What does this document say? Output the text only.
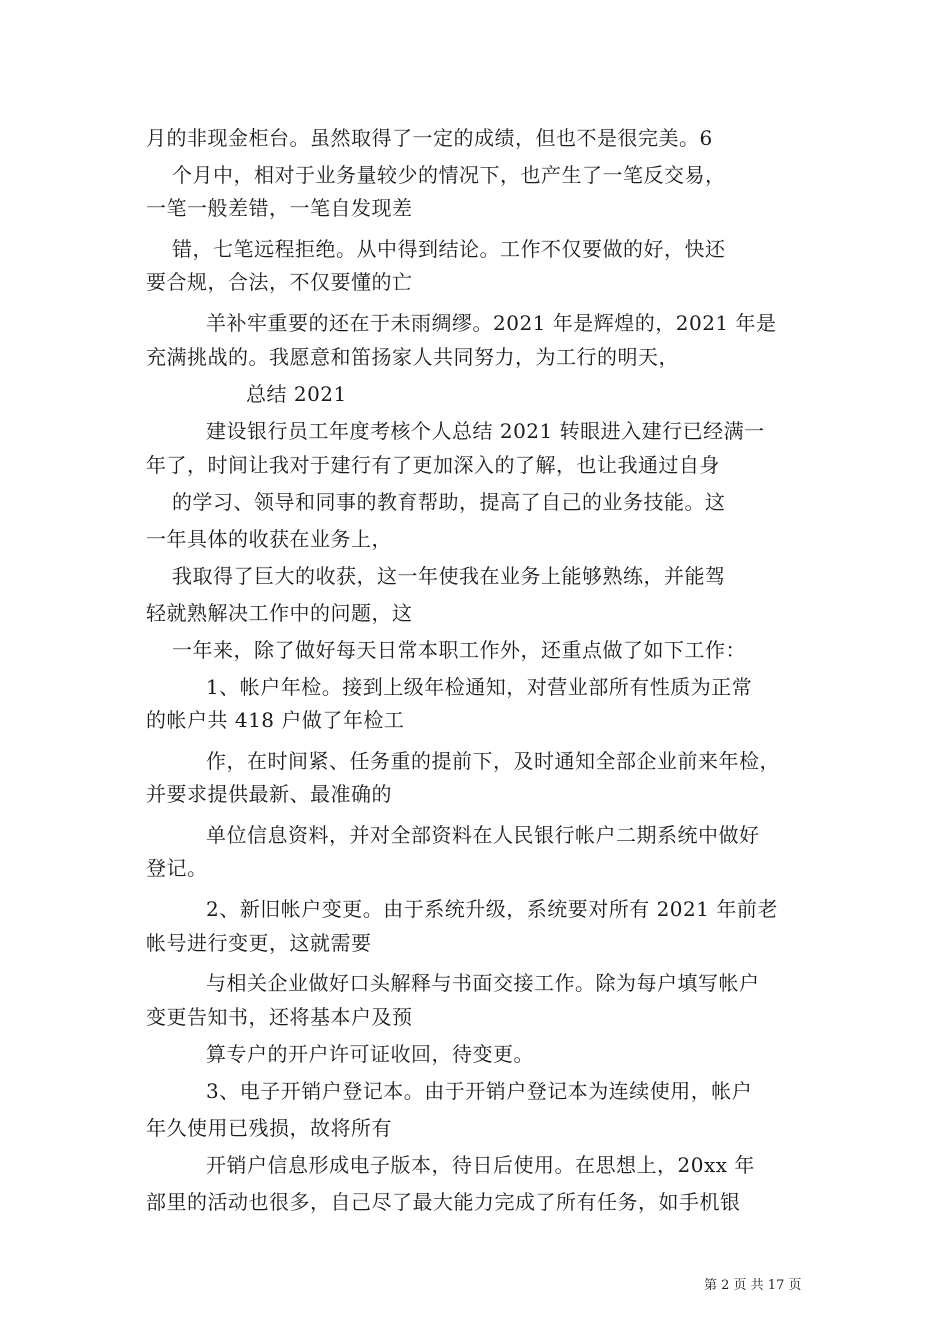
月的非现金柜台。虽然取得了一定的成绩，但也不是很完美。6
个月中，相对于业务量较少的情况下，也产生了一笔反交易，
一笔一般差错，一笔自发现差
错，七笔远程拒绝。从中得到结论。工作不仅要做的好，快还
要合规，合法，不仅要懂的亡
羊补牢重要的还在于未雨绸缪。2021 年是辉煌的，2021 年是
充满挑战的。我愿意和笛扬家人共同努力，为工行的明天，
总结 2021
建设银行员工年度考核个人总结 2021 转眼进入建行已经满一
年了，时间让我对于建行有了更加深入的了解，也让我通过自身
的学习、领导和同事的教育帮助，提高了自己的业务技能。这
一年具体的收获在业务上，
我取得了巨大的收获，这一年使我在业务上能够熟练，并能驾
轻就熟解决工作中的问题，这
一年来，除了做好每天日常本职工作外，还重点做了如下工作：
1、帐户年检。接到上级年检通知，对营业部所有性质为正常
的帐户共 418 户做了年检工
作，在时间紧、任务重的提前下，及时通知全部企业前来年检，
并要求提供最新、最准确的
单位信息资料，并对全部资料在人民银行帐户二期系统中做好
登记。
2、新旧帐户变更。由于系统升级，系统要对所有 2021 年前老
帐号进行变更，这就需要
与相关企业做好口头解释与书面交接工作。除为每户填写帐户
变更告知书，还将基本户及预
算专户的开户许可证收回，待变更。
3、电子开销户登记本。由于开销户登记本为连续使用，帐户
年久使用已残损，故将所有
开销户信息形成电子版本，待日后使用。在思想上，20xx 年
部里的活动也很多，自己尽了最大能力完成了所有任务，如手机银
第 2 页 共 17 页
